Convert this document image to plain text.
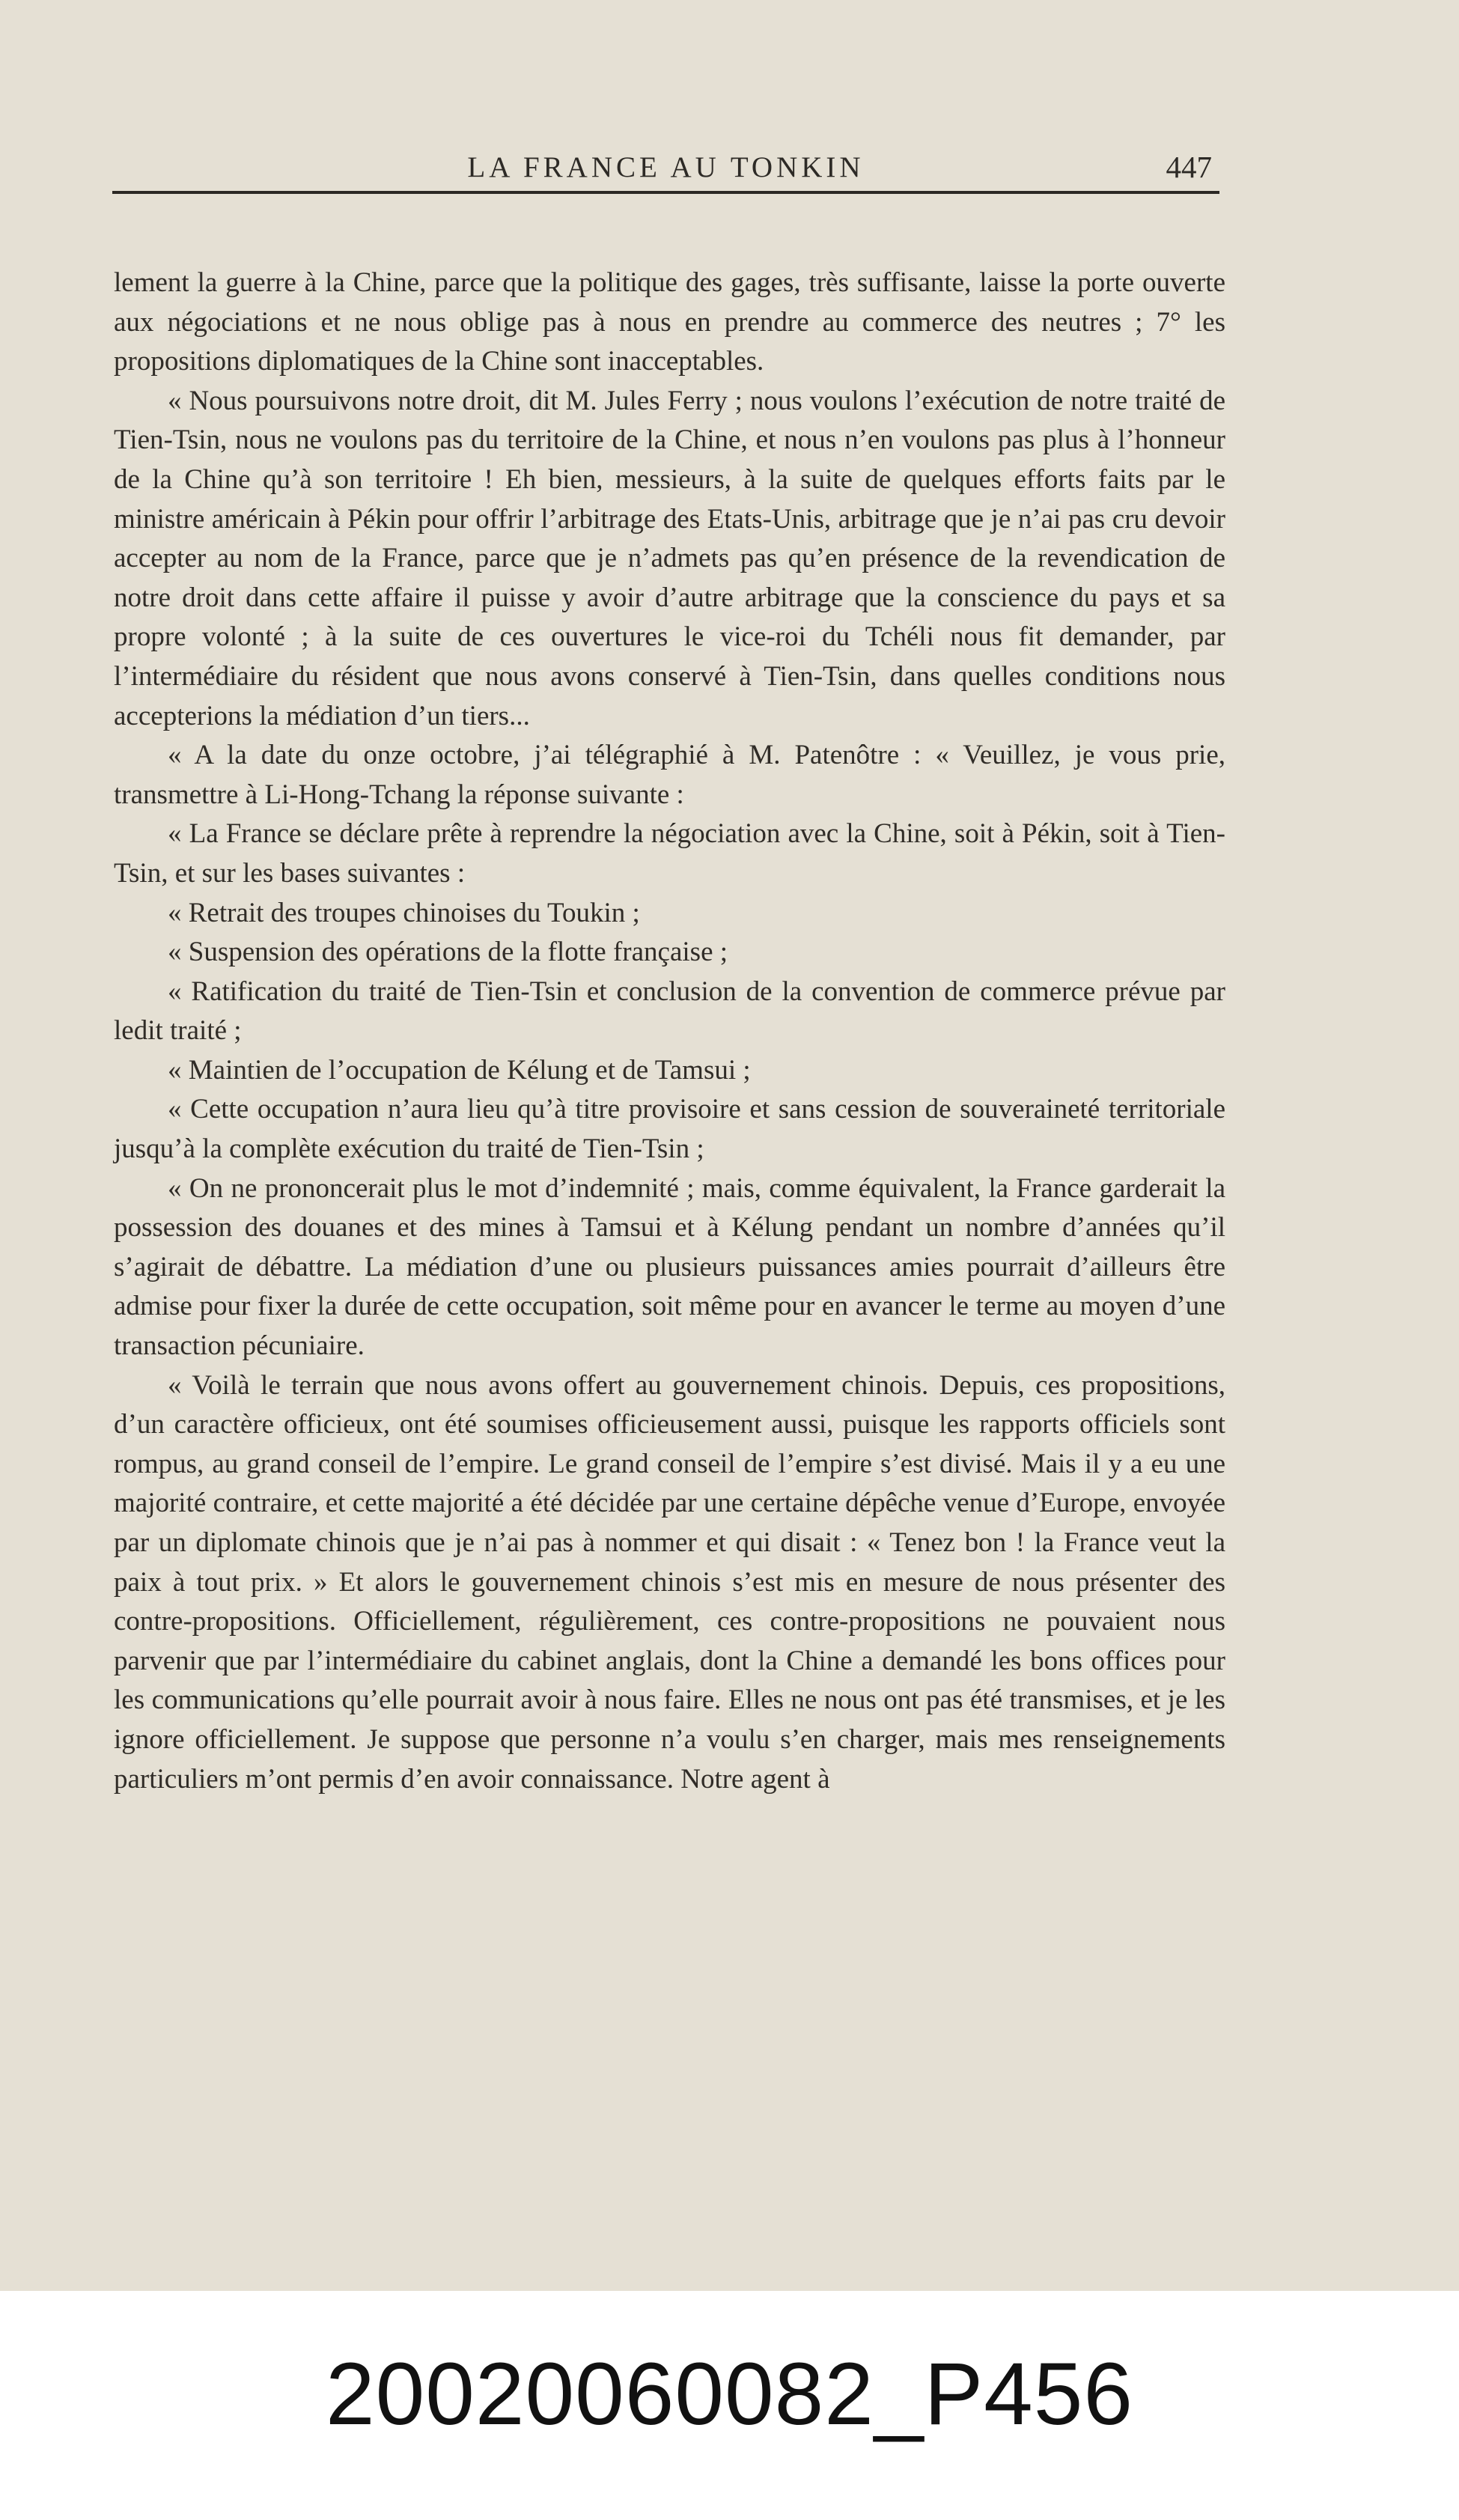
LA FRANCE AU TONKIN	447

lement la guerre à la Chine, parce que la politique des gages, très suffisante, laisse la porte ouverte aux négociations et ne nous oblige pas à nous en prendre au commerce des neutres ; 7° les propositions diplomatiques de la Chine sont inacceptables.

« Nous poursuivons notre droit, dit M. Jules Ferry ; nous voulons l’exécution de notre traité de Tien-Tsin, nous ne voulons pas du territoire de la Chine, et nous n’en voulons pas plus à l’honneur de la Chine qu’à son territoire ! Eh bien, messieurs, à la suite de quelques efforts faits par le ministre américain à Pékin pour offrir l’arbitrage des Etats-Unis, arbitrage que je n’ai pas cru devoir accepter au nom de la France, parce que je n’admets pas qu’en présence de la revendication de notre droit dans cette affaire il puisse y avoir d’autre arbitrage que la conscience du pays et sa propre volonté ; à la suite de ces ouvertures le vice-roi du Tchéli nous fit demander, par l’intermédiaire du résident que nous avons conservé à Tien-Tsin, dans quelles conditions nous accepterions la médiation d’un tiers...

« A la date du onze octobre, j’ai télégraphié à M. Patenôtre : « Veuillez, je vous prie, transmettre à Li-Hong-Tchang la réponse suivante :

« La France se déclare prête à reprendre la négociation avec la Chine, soit à Pékin, soit à Tien-Tsin, et sur les bases suivantes :

« Retrait des troupes chinoises du Toukin ;

« Suspension des opérations de la flotte française ;

« Ratification du traité de Tien-Tsin et conclusion de la convention de commerce prévue par ledit traité ;

« Maintien de l’occupation de Kélung et de Tamsui ;

« Cette occupation n’aura lieu qu’à titre provisoire et sans cession de souveraineté territoriale jusqu’à la complète exécution du traité de Tien-Tsin ;

« On ne prononcerait plus le mot d’indemnité ; mais, comme équivalent, la France garderait la possession des douanes et des mines à Tamsui et à Kélung pendant un nombre d’années qu’il s’agirait de débattre. La médiation d’une ou plusieurs puissances amies pourrait d’ailleurs être admise pour fixer la durée de cette occupation, soit même pour en avancer le terme au moyen d’une transaction pécuniaire.

« Voilà le terrain que nous avons offert au gouvernement chinois. Depuis, ces propositions, d’un caractère officieux, ont été soumises officieusement aussi, puisque les rapports officiels sont rompus, au grand conseil de l’empire. Le grand conseil de l’empire s’est divisé. Mais il y a eu une majorité contraire, et cette majorité a été décidée par une certaine dépêche venue d’Europe, envoyée par un diplomate chinois que je n’ai pas à nommer et qui disait : « Tenez bon ! la France veut la paix à tout prix. » Et alors le gouvernement chinois s’est mis en mesure de nous présenter des contre-propositions. Officiellement, régulièrement, ces contre-propositions ne pouvaient nous parvenir que par l’intermédiaire du cabinet anglais, dont la Chine a demandé les bons offices pour les communications qu’elle pourrait avoir à nous faire. Elles ne nous ont pas été transmises, et je les ignore officiellement. Je suppose que personne n’a voulu s’en charger, mais mes renseignements particuliers m’ont permis d’en avoir connaissance. Notre agent à

20020060082_P456
